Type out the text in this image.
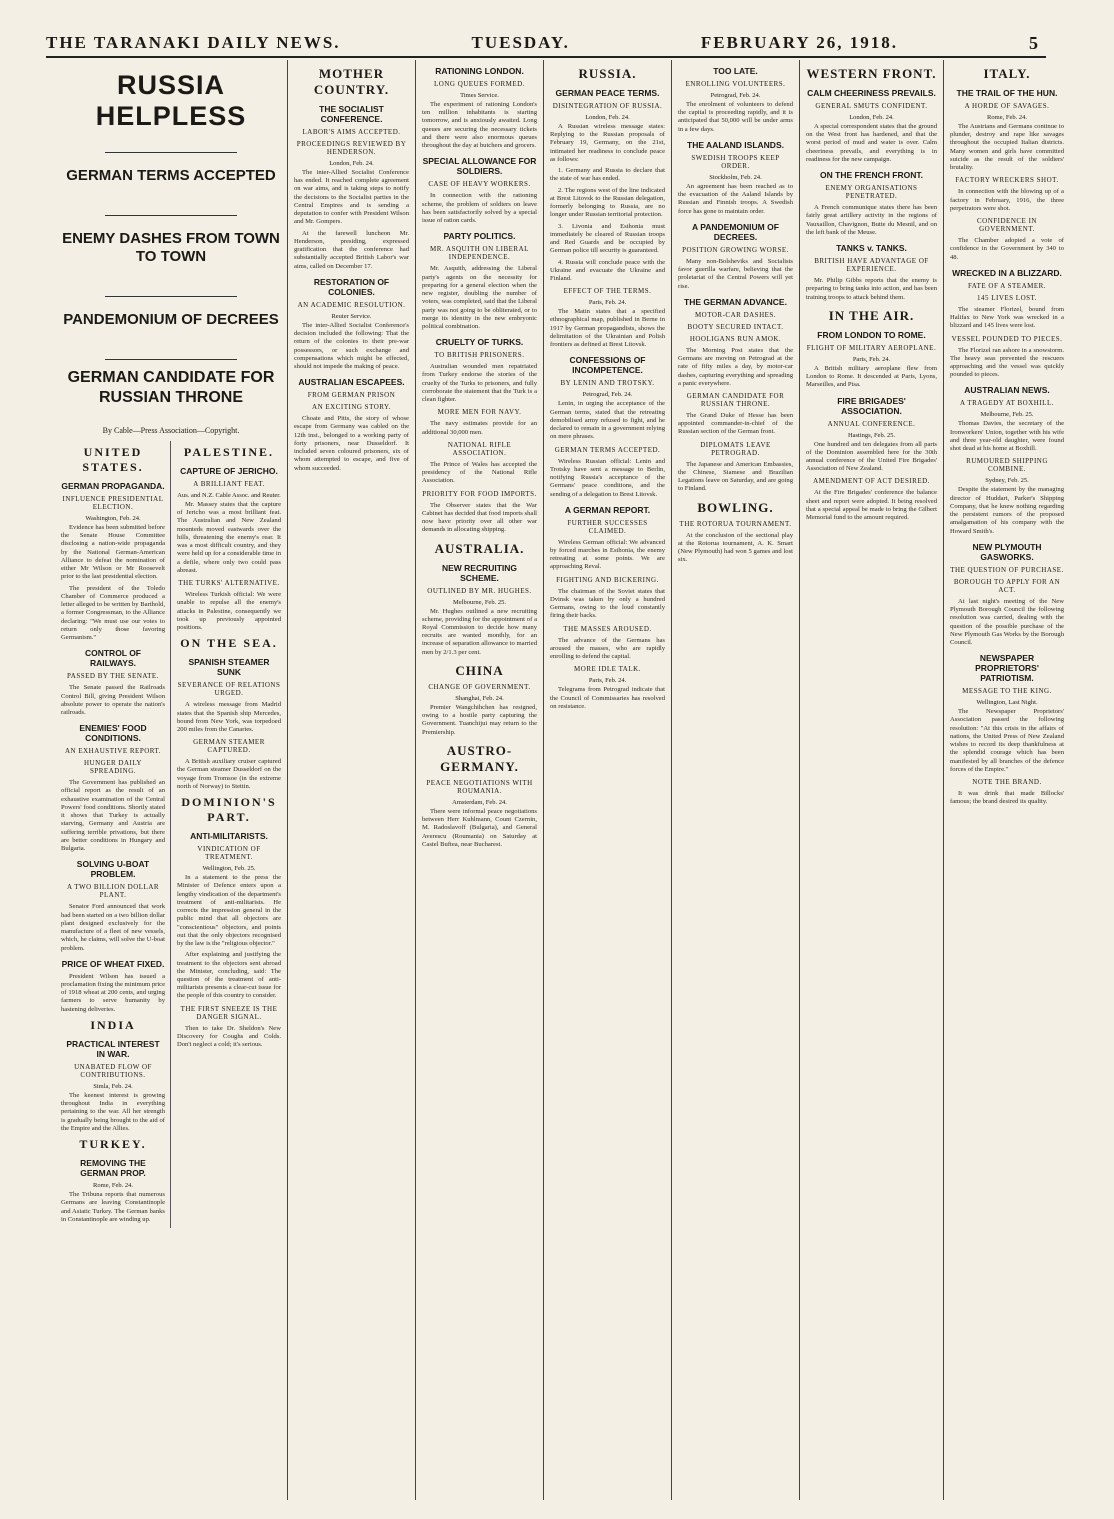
THE TARANAKI DAILY NEWS.	TUESDAY.	FEBRUARY 26, 1918.	5
RUSSIA HELPLESS
GERMAN TERMS ACCEPTED
ENEMY DASHES FROM TOWN TO TOWN
PANDEMONIUM OF DECREES
GERMAN CANDIDATE FOR RUSSIAN THRONE
By Cable—Press Association—Copyright.
UNITED STATES.
GERMAN PROPAGANDA.
INFLUENCE PRESIDENTIAL ELECTION.
Washington, Feb. 24.

Evidence has been submitted before the Senate House Committee disclosing a nation-wide propaganda by the National German-American Alliance to defeat the nomination of either Mr Wilson or Mr Roosevelt prior to the last presidential election.

The president of the Toledo Chamber of Commerce produced a letter alleged to be written by Barthold, a former Congressman, to the Alliance declaring: "We must use our votes to return only those favoring Germanism."

CONTROL OF RAILWAYS.
PASSED BY THE SENATE.

The Senate passed the Railroads Control Bill, giving President Wilson absolute power to operate the nation's railroads.

ENEMIES' FOOD CONDITIONS.
AN EXHAUSTIVE REPORT.
HUNGER DAILY SPREADING.

The Government has published an official report as the result of an exhaustive examination of the Central Powers' food conditions. Shortly stated it shows that Turkey is actually starving, Germany and Austria are suffering terrible privations, but there are better conditions in Hungary and Bulgaria.

SOLVING U-BOAT PROBLEM.
A TWO BILLION DOLLAR PLANT.

Senator Ford announced that work had been started on a two billion dollar plant designed exclusively for the manufacture of a fleet of new vessels, which, he claims, will solve the U-boat problem.

PRICE OF WHEAT FIXED.

President Wilson has issued a proclamation fixing the minimum price of 1918 wheat at 200 cents, and urging farmers to serve humanity by hastening deliveries.

INDIA
PRACTICAL INTEREST IN WAR.
UNABATED FLOW OF CONTRIBUTIONS.
Simla, Feb. 24.

The keenest interest is growing throughout India in everything pertaining to the war. All her strength is gradually being brought to the aid of the Empire and the Allies.

TURKEY.
REMOVING THE GERMAN PROP.
Rome, Feb. 24.

The Tribuna reports that numerous Germans are leaving Constantinople and Asiatic Turkey. The German banks in Constantinople are winding up.

PALESTINE.
CAPTURE OF JERICHO.
A BRILLIANT FEAT.
Aus. and N.Z. Cable Assoc. and Reuter.

Mr. Massey states that the capture of Jericho was a most brilliant feat. The Australian and New Zealand mounteds moved eastwards over the hills, threatening the enemy's rear. It was a most difficult country, and they were held up for a considerable time in a defile, where only two could pass abreast.

THE TURKS' ALTERNATIVE.

Wireless Turkish official: We were unable to repulse all the enemy's attacks in Palestine, consequently we took up previously appointed positions.

ON THE SEA.
SPANISH STEAMER SUNK
SEVERANCE OF RELATIONS URGED.

A wireless message from Madrid states that the Spanish ship Mercedes, bound from New York, was torpedoed 200 miles from the Canaries.

GERMAN STEAMER CAPTURED.

A British auxiliary cruiser captured the German steamer Dusseldorf on the voyage from Tromsoe (in the extreme north of Norway) to Stettin.

DOMINION'S PART.
ANTI-MILITARISTS.
VINDICATION OF TREATMENT.
Wellington, Feb. 25.

In a statement to the press the Minister of Defence enters upon a lengthy vindication of the department's treatment of anti-militarists. He corrects the impression general in the public mind that all objectors are "conscientious" objectors, and points out that the only objectors recognised by the law is the "religious objector."

After explaining and justifying the treatment to the objectors sent abroad the Minister, concluding, said: The question of the treatment of anti-militarists presents a clear-cut issue for the people of this country to consider.

THE FIRST SNEEZE IS THE DANGER SIGNAL.

Then to take Dr. Sheldon's New Discovery for Coughs and Colds. Don't neglect a cold; it's serious.

MOTHER COUNTRY.
THE SOCIALIST CONFERENCE.
LABOR'S AIMS ACCEPTED.
PROCEEDINGS REVIEWED BY HENDERSON.
London, Feb. 24.

The inter-Allied Socialist Conference has ended. It reached complete agreement on war aims, and is taking steps to notify the decisions to the Socialist parties in the Central Empires and is sending a deputation to confer with President Wilson and Mr. Gompers.

At the farewell luncheon Mr. Henderson, presiding, expressed gratification that the conference had substantially accepted British Labor's war aims, called on December 17.

RESTORATION OF COLONIES.
AN ACADEMIC RESOLUTION.
Reuter Service.

The inter-Allied Socialist Conference's decision included the following: That the return of the colonies to their pre-war possessors, or such exchange and compensations which might be effected, should not impede the making of peace.

AUSTRALIAN ESCAPEES.
FROM GERMAN PRISON
AN EXCITING STORY.

Choate and Pitts, the story of whose escape from Germany was cabled on the 12th inst., belonged to a working party of forty prisoners, near Dusseldorf. It included seven coloured prisoners, six of whom attempted to escape, and five of whom succeeded.

RATIONING LONDON.
LONG QUEUES FORMED.
Times Service.

The experiment of rationing London's ten million inhabitants is starting tomorrow, and is anxiously awaited. Long queues are securing the necessary tickets and there were also enormous queues throughout the day at butchers and grocers.

SPECIAL ALLOWANCE FOR SOLDIERS.
CASE OF HEAVY WORKERS.

In connection with the rationing scheme, the problem of soldiers on leave has been satisfactorily solved by a special issue of ration cards.

PARTY POLITICS.
MR. ASQUITH ON LIBERAL INDEPENDENCE.

Mr. Asquith, addressing the Liberal party's agents on the necessity for preparing for a general election when the new register, doubling the number of voters, was completed, said that the Liberal party was not going to be obliterated, or to merge its identity in the new embryonic political combination.

CRUELTY OF TURKS.
TO BRITISH PRISONERS.

Australian wounded men repatriated from Turkey endorse the stories of the cruelty of the Turks to prisoners, and fully corroborate the statement that the Turk is a clean fighter.

MORE MEN FOR NAVY.

The navy estimates provide for an additional 30,000 men.

NATIONAL RIFLE ASSOCIATION.

The Prince of Wales has accepted the presidency of the National Rifle Association.

PRIORITY FOR FOOD IMPORTS.

The Observer states that the War Cabinet has decided that food imports shall now have priority over all other war demands in allocating shipping.

AUSTRALIA.
NEW RECRUITING SCHEME.
OUTLINED BY MR. HUGHES.
Melbourne, Feb. 25.

Mr. Hughes outlined a new recruiting scheme, providing for the appointment of a Royal Commission to decide how many recruits are wanted monthly, for an increase of separation allowance to married men by 2/1.3 per cent.

CHINA
CHANGE OF GOVERNMENT.
Shanghai, Feb. 24.

Premier Wangchihchen has resigned, owing to a hostile party capturing the Government. Tuanchijui may return to the Premiership.

AUSTRO-GERMANY.
PEACE NEGOTIATIONS WITH ROUMANIA.
Amsterdam, Feb. 24.

There were informal peace negotiations between Herr Kuhlmann, Count Czernin, M. Radoslavoff (Bulgaria), and General Averescu (Roumania) on Saturday at Castel Buftea, near Bucharest.

RUSSIA.
GERMAN PEACE TERMS.
DISINTEGRATION OF RUSSIA.
London, Feb. 24.

A Russian wireless message states: Replying to the Russian proposals of February 19, Germany, on the 21st, intimated her readiness to conclude peace as follows:

1. Germany and Russia to declare that the state of war has ended.

2. The regions west of the line indicated at Brest Litovsk to the Russian delegation, formerly belonging to Russia, are no longer under Russian territorial protection.

3. Livonia and Esthonia must immediately be cleared of Russian troops and Red Guards and be occupied by German police till security is guaranteed.

4. Russia will conclude peace with the Ukraine and evacuate the Ukraine and Finland.

EFFECT OF THE TERMS.
Paris, Feb. 24.

The Matin states that a specified ethnographical map, published in Berne in 1917 by German propagandists, shows the delimitation of the Ukrainian and Polish frontiers as defined at Brest Litovsk.

CONFESSIONS OF INCOMPETENCE.
BY LENIN AND TROTSKY.
Petrograd, Feb. 24.

Lenin, in urging the acceptance of the German terms, stated that the retreating demobilised army refused to fight, and he declared to remain in a government relying on mere phrases.

GERMAN TERMS ACCEPTED.

Wireless Russian official: Lenin and Trotsky have sent a message to Berlin, notifying Russia's acceptance of the Germans' peace conditions, and the sending of a delegation to Brest Litovsk.

A GERMAN REPORT.
FURTHER SUCCESSES CLAIMED.

Wireless German official: We advanced by forced marches in Esthonia, the enemy retreating at some points. We are approaching Reval.

FIGHTING AND BICKERING.

The chairman of the Soviet states that Dvinsk was taken by only a hundred Germans, owing to the loud constantly firing their backs.

THE MASSES AROUSED.

The advance of the Germans has aroused the masses, who are rapidly enrolling to defend the capital.

MORE IDLE TALK.
Paris, Feb. 24.

Telegrams from Petrograd indicate that the Council of Commissaries has resolved on resistance.

TOO LATE.
ENROLLING VOLUNTEERS.
Petrograd, Feb. 24.

The enrolment of volunteers to defend the capital is proceeding rapidly, and it is anticipated that 50,000 will be under arms in a few days.

THE AALAND ISLANDS.
SWEDISH TROOPS KEEP ORDER.
Stockholm, Feb. 24.

An agreement has been reached as to the evacuation of the Aaland Islands by Russian and Finnish troops. A Swedish force has gone to maintain order.

A PANDEMONIUM OF DECREES.
POSITION GROWING WORSE.

Many non-Bolsheviks and Socialists favor guerilla warfare, believing that the proletariat of the Central Powers will yet rise.

THE GERMAN ADVANCE.
MOTOR-CAR DASHES.
BOOTY SECURED INTACT.
HOOLIGANS RUN AMOK.

The Morning Post states that the Germans are moving on Petrograd at the rate of fifty miles a day, by motor-car dashes, capturing everything and spreading a panic everywhere.

GERMAN CANDIDATE FOR RUSSIAN THRONE.

The Grand Duke of Hesse has been appointed commander-in-chief of the Russian section of the German front.

DIPLOMATS LEAVE PETROGRAD.

The Japanese and American Embassies, the Chinese, Siamese and Brazilian Legations leave on Saturday, and are going to Finland.

BOWLING.
THE ROTORUA TOURNAMENT.

At the conclusion of the sectional play at the Rotorua tournament, A. K. Smart (New Plymouth) had won 5 games and lost six.

WESTERN FRONT.
CALM CHEERINESS PREVAILS.
GENERAL SMUTS CONFIDENT.
London, Feb. 24.

A special correspondent states that the ground on the West front has hardened, and that the worst period of mud and water is over. Calm cheeriness prevails, and everything is in readiness for the new campaign.

ON THE FRENCH FRONT.
ENEMY ORGANISATIONS PENETRATED.

A French communique states there has been fairly great artillery activity in the regions of Vauxaillon, Chavignon, Butte du Mesnil, and on the left bank of the Meuse.

TANKS v. TANKS.
BRITISH HAVE ADVANTAGE OF EXPERIENCE.

Mr. Philip Gibbs reports that the enemy is preparing to bring tanks into action, and has been training troops to attack behind them.

IN THE AIR.
FROM LONDON TO ROME.
FLIGHT OF MILITARY AEROPLANE.
Paris, Feb. 24.

A British military aeroplane flew from London to Rome. It descended at Paris, Lyons, Marseilles, and Pisa.

FIRE BRIGADES' ASSOCIATION.
ANNUAL CONFERENCE.
Hastings, Feb. 25.

One hundred and ten delegates from all parts of the Dominion assembled here for the 30th annual conference of the United Fire Brigades' Association of New Zealand.

AMENDMENT OF ACT DESIRED.

At the Fire Brigades' conference the balance sheet and report were adopted. It being resolved that a special appeal be made to bring the Gilbert Memorial fund to the amount required.

ITALY.
THE TRAIL OF THE HUN.
A HORDE OF SAVAGES.
Rome, Feb. 24.

The Austrians and Germans continue to plunder, destroy and rape like savages throughout the occupied Italian districts. Many women and girls have committed suicide as the result of the soldiers' brutality.

FACTORY WRECKERS SHOT.

In connection with the blowing up of a factory in February, 1916, the three perpetrators were shot.

CONFIDENCE IN GOVERNMENT.

The Chamber adopted a vote of confidence in the Government by 340 to 48.

WRECKED IN A BLIZZARD.
FATE OF A STEAMER.
145 LIVES LOST.

The steamer Florizel, bound from Halifax to New York was wrecked in a blizzard and 145 lives were lost.

VESSEL POUNDED TO PIECES.

The Florizel ran ashore in a snowstorm. The heavy seas prevented the rescuers approaching and the vessel was quickly pounded to pieces.

AUSTRALIAN NEWS.
A TRAGEDY AT BOXHILL.
Melbourne, Feb. 25.

Thomas Davies, the secretary of the Ironworkers' Union, together with his wife and three year-old daughter, were found shot dead at his home at Boxhill.

RUMOURED SHIPPING COMBINE.
Sydney, Feb. 25.

Despite the statement by the managing director of Huddart, Parker's Shipping Company, that he knew nothing regarding the persistent rumors of the proposed amalgamation of his company with the Howard Smith's.

NEW PLYMOUTH GASWORKS.
THE QUESTION OF PURCHASE.
BOROUGH TO APPLY FOR AN ACT.

At last night's meeting of the New Plymouth Borough Council the following resolution was carried, dealing with the question of the possible purchase of the New Plymouth Gas Works by the Borough Council.

NEWSPAPER PROPRIETORS' PATRIOTISM.
MESSAGE TO THE KING.
Wellington, Last Night.

The Newspaper Proprietors' Association passed the following resolution: "At this crisis in the affairs of nations, the United Press of New Zealand wishes to record its deep thankfulness at the splendid courage which has been manifested by all branches of the defence forces of the Empire."

NOTE THE BRAND.

It was drink that made Billocks' famous; the brand desired its quality.
